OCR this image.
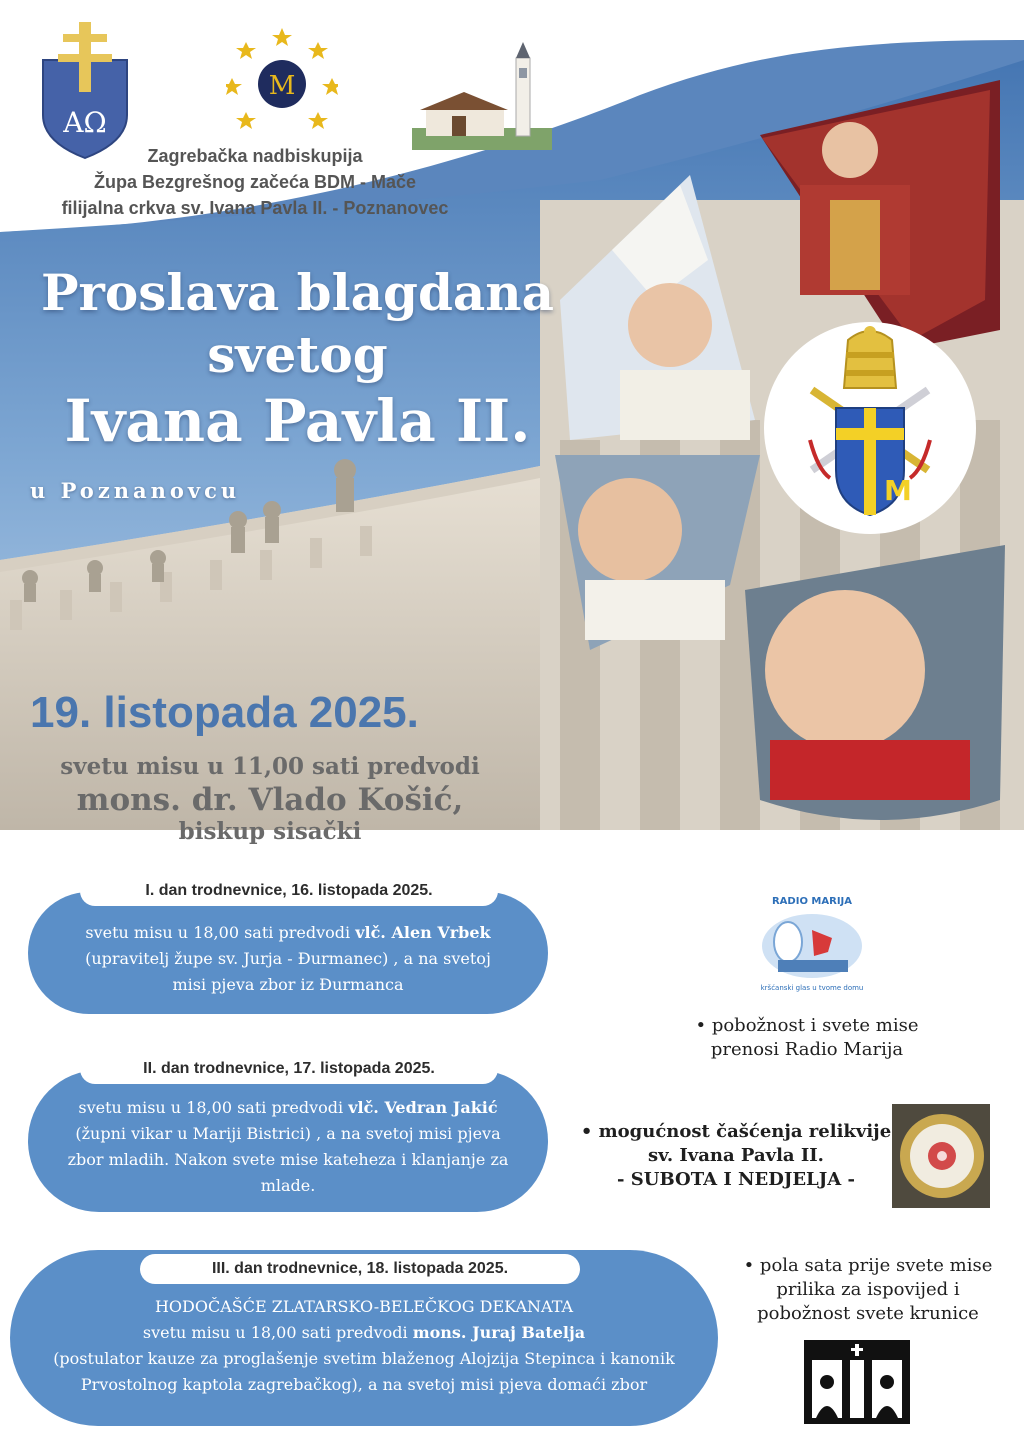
M
ΑΩ
M
Zagrebačka nadbiskupija
Župa Bezgrešnog začeća BDM - Mače
filijalna crkva sv. Ivana Pavla II. - Poznanovec
Proslava blagdana
svetog
Ivana Pavla II.
u Poznanovcu
19. listopada 2025.
svetu misu u 11,00 sati predvodi
mons. dr. Vlado Košić,
biskup sisački
svetu misu u 18,00 sati predvodi vlč. Alen Vrbek
(upravitelj župe sv. Jurja - Đurmanec) , a na svetoj misi pjeva zbor iz Đurmanca
I. dan trodnevnice, 16. listopada 2025.
svetu misu u 18,00 sati predvodi vlč. Vedran Jakić
(župni vikar u Mariji Bistrici) , a na svetoj misi pjeva zbor mladih. Nakon svete mise kateheza i klanjanje za mlade.
II. dan trodnevnice, 17. listopada 2025.
HODOČAŠĆE ZLATARSKO-BELEČKOG DEKANATA
svetu misu u 18,00 sati predvodi mons. Juraj Batelja
(postulator kauze za proglašenje svetim blaženog Alojzija Stepinca i kanonik Prvostolnog kaptola zagrebačkog), a na svetoj misi pjeva domaći zbor
III. dan trodnevnice, 18. listopada 2025.
RADIO MARIJA
kršćanski glas u tvome domu
• pobožnost i svete mise prenosi Radio Marija
• mogućnost čašćenja relikvije
sv. Ivana Pavla II.
- SUBOTA I NEDJELJA -
• pola sata prije svete mise prilika za ispovijed i pobožnost svete krunice
